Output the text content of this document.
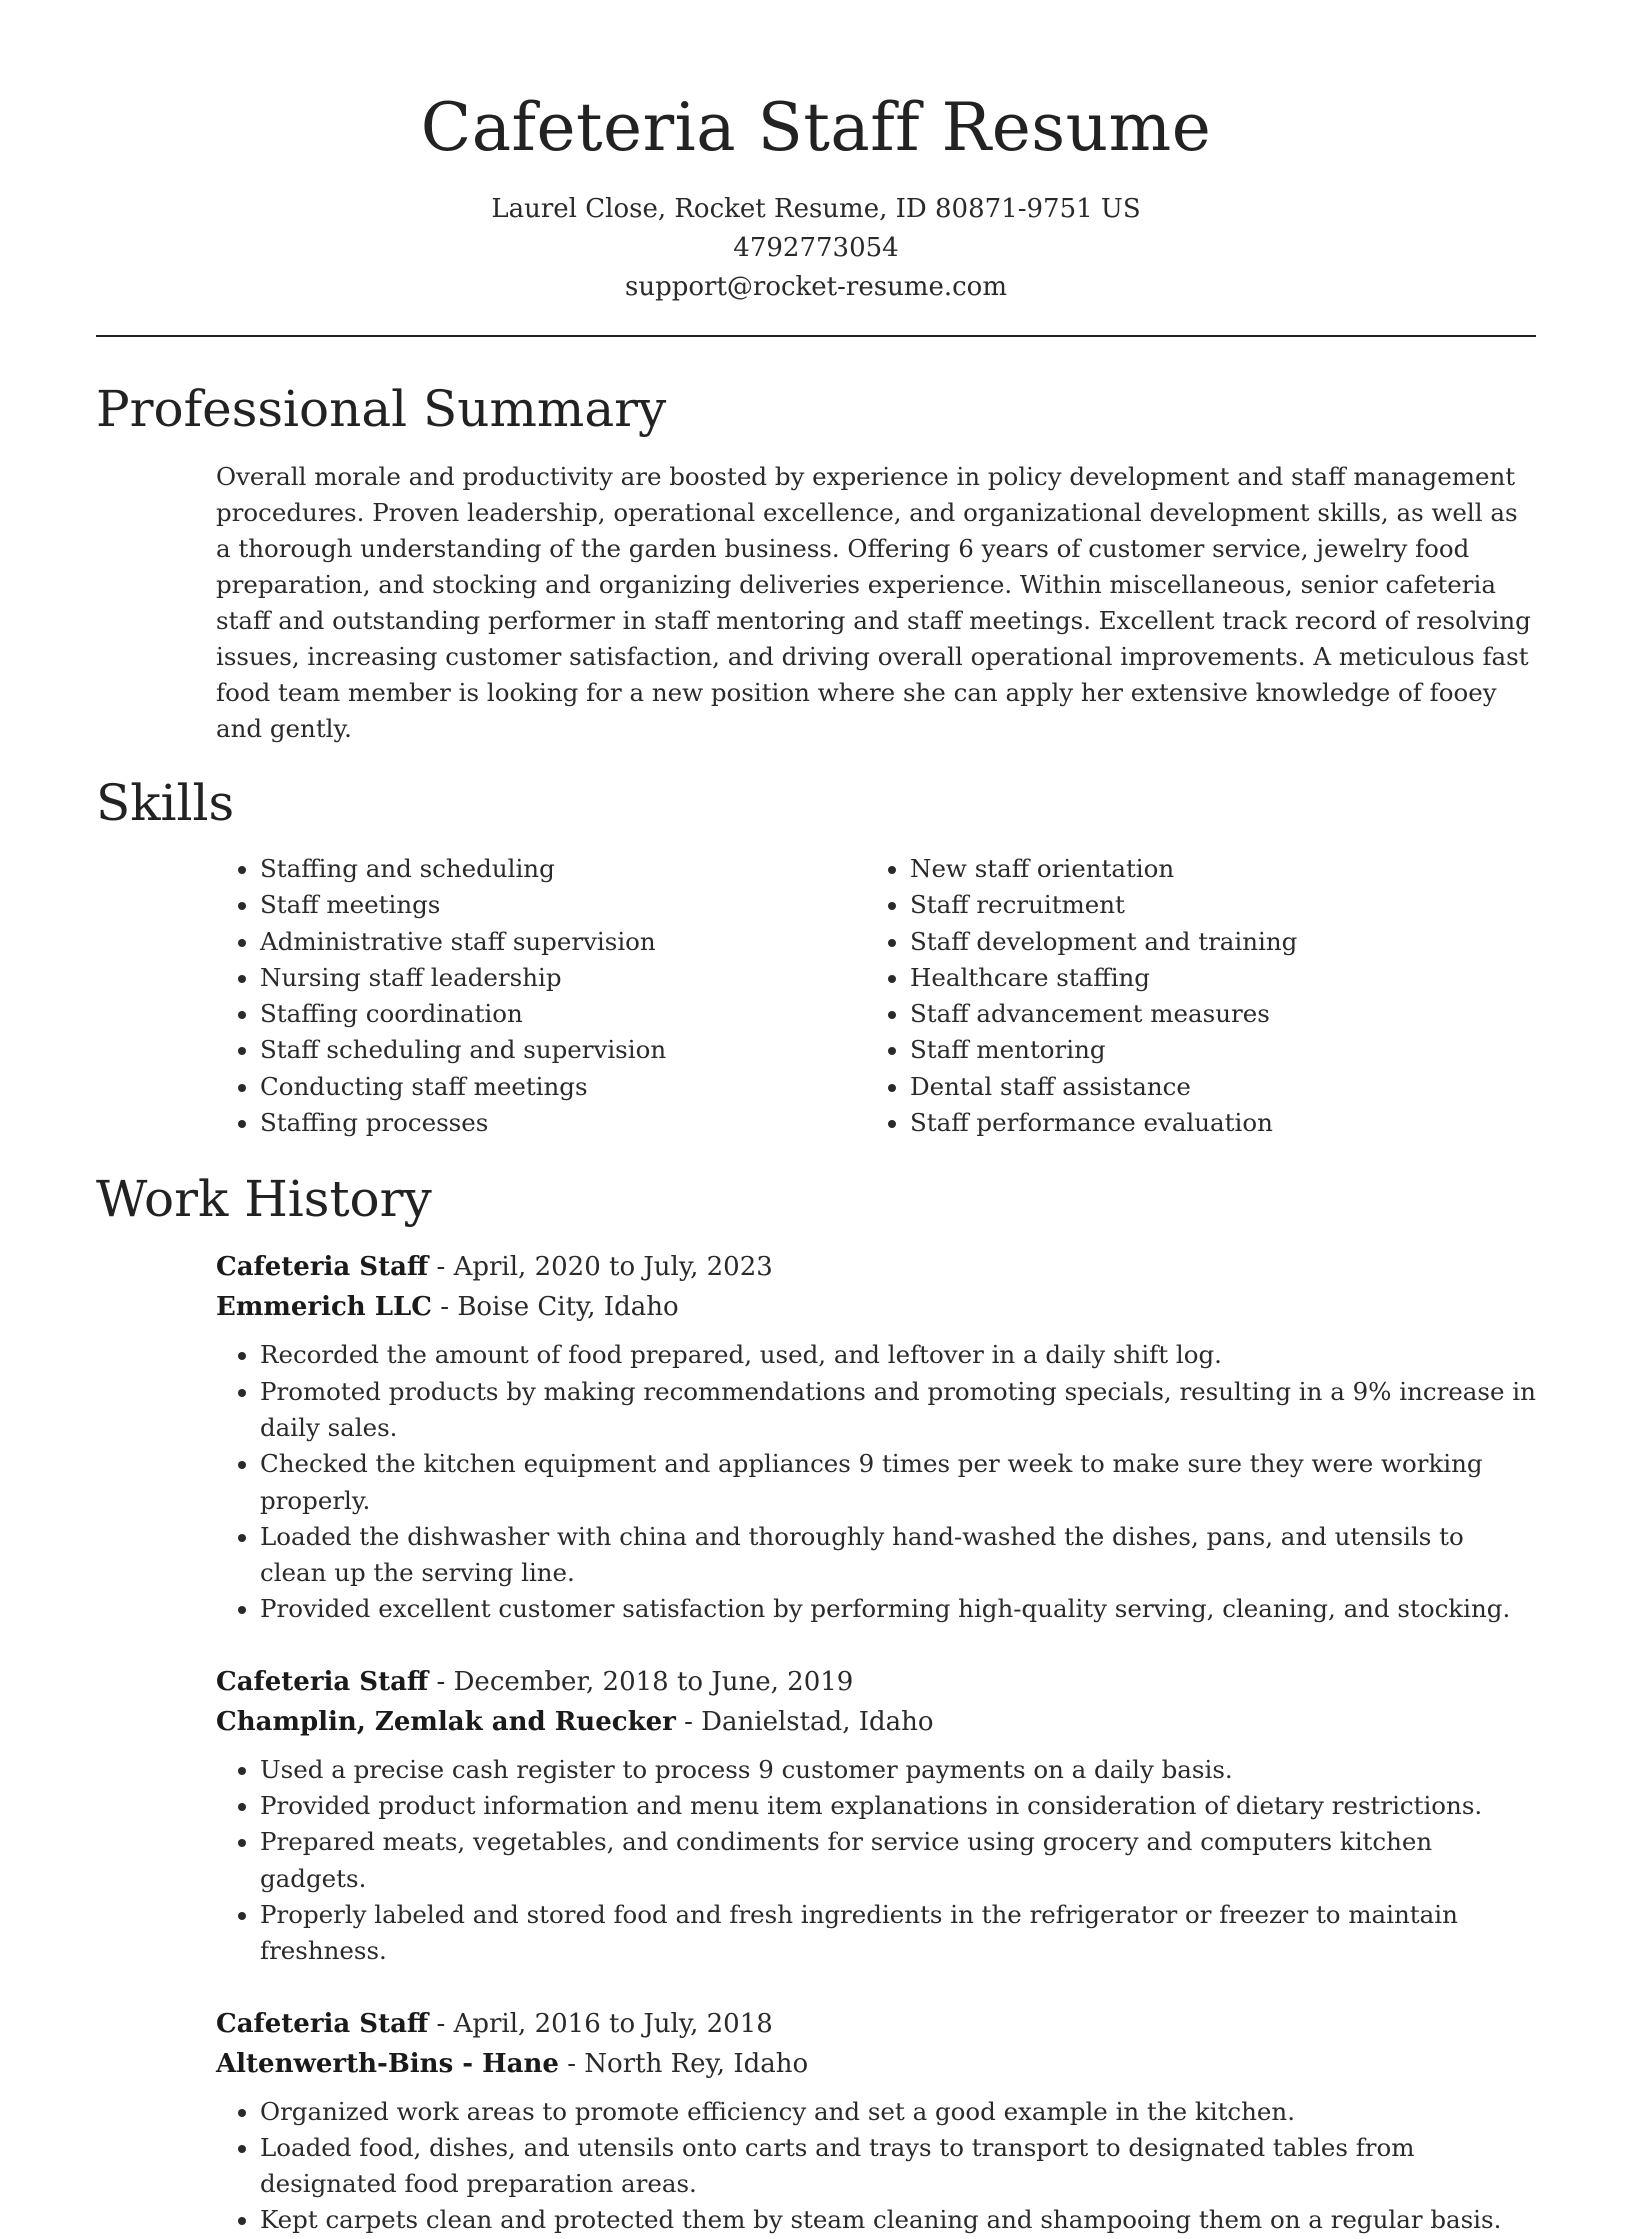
Cafeteria Staff Resume
Laurel Close, Rocket Resume, ID 80871-9751 US
4792773054
support@rocket-resume.com
Professional Summary

Overall morale and productivity are boosted by experience in policy development and staff management procedures. Proven leadership, operational excellence, and organizational development skills, as well as a thorough understanding of the garden business. Offering 6 years of customer service, jewelry food preparation, and stocking and organizing deliveries experience. Within miscellaneous, senior cafeteria staff and outstanding performer in staff mentoring and staff meetings. Excellent track record of resolving issues, increasing customer satisfaction, and driving overall operational improvements. A meticulous fast food team member is looking for a new position where she can apply her extensive knowledge of fooey and gently.

Skills
• Staffing and scheduling
• Staff meetings
• Administrative staff supervision
• Nursing staff leadership
• Staffing coordination
• Staff scheduling and supervision
• Conducting staff meetings
• Staffing processes
• New staff orientation
• Staff recruitment
• Staff development and training
• Healthcare staffing
• Staff advancement measures
• Staff mentoring
• Dental staff assistance
• Staff performance evaluation
Work History
Cafeteria Staff - April, 2020 to July, 2023
Emmerich LLC - Boise City, Idaho
• Recorded the amount of food prepared, used, and leftover in a daily shift log.
• Promoted products by making recommendations and promoting specials, resulting in a 9% increase in daily sales.
• Checked the kitchen equipment and appliances 9 times per week to make sure they were working properly.
• Loaded the dishwasher with china and thoroughly hand-washed the dishes, pans, and utensils to clean up the serving line.
• Provided excellent customer satisfaction by performing high-quality serving, cleaning, and stocking.
Cafeteria Staff - December, 2018 to June, 2019
Champlin, Zemlak and Ruecker - Danielstad, Idaho
• Used a precise cash register to process 9 customer payments on a daily basis.
• Provided product information and menu item explanations in consideration of dietary restrictions.
• Prepared meats, vegetables, and condiments for service using grocery and computers kitchen gadgets.
• Properly labeled and stored food and fresh ingredients in the refrigerator or freezer to maintain freshness.
Cafeteria Staff - April, 2016 to July, 2018
Altenwerth-Bins - Hane - North Rey, Idaho
• Organized work areas to promote efficiency and set a good example in the kitchen.
• Loaded food, dishes, and utensils onto carts and trays to transport to designated tables from designated food preparation areas.
• Kept carpets clean and protected them by steam cleaning and shampooing them on a regular basis.
